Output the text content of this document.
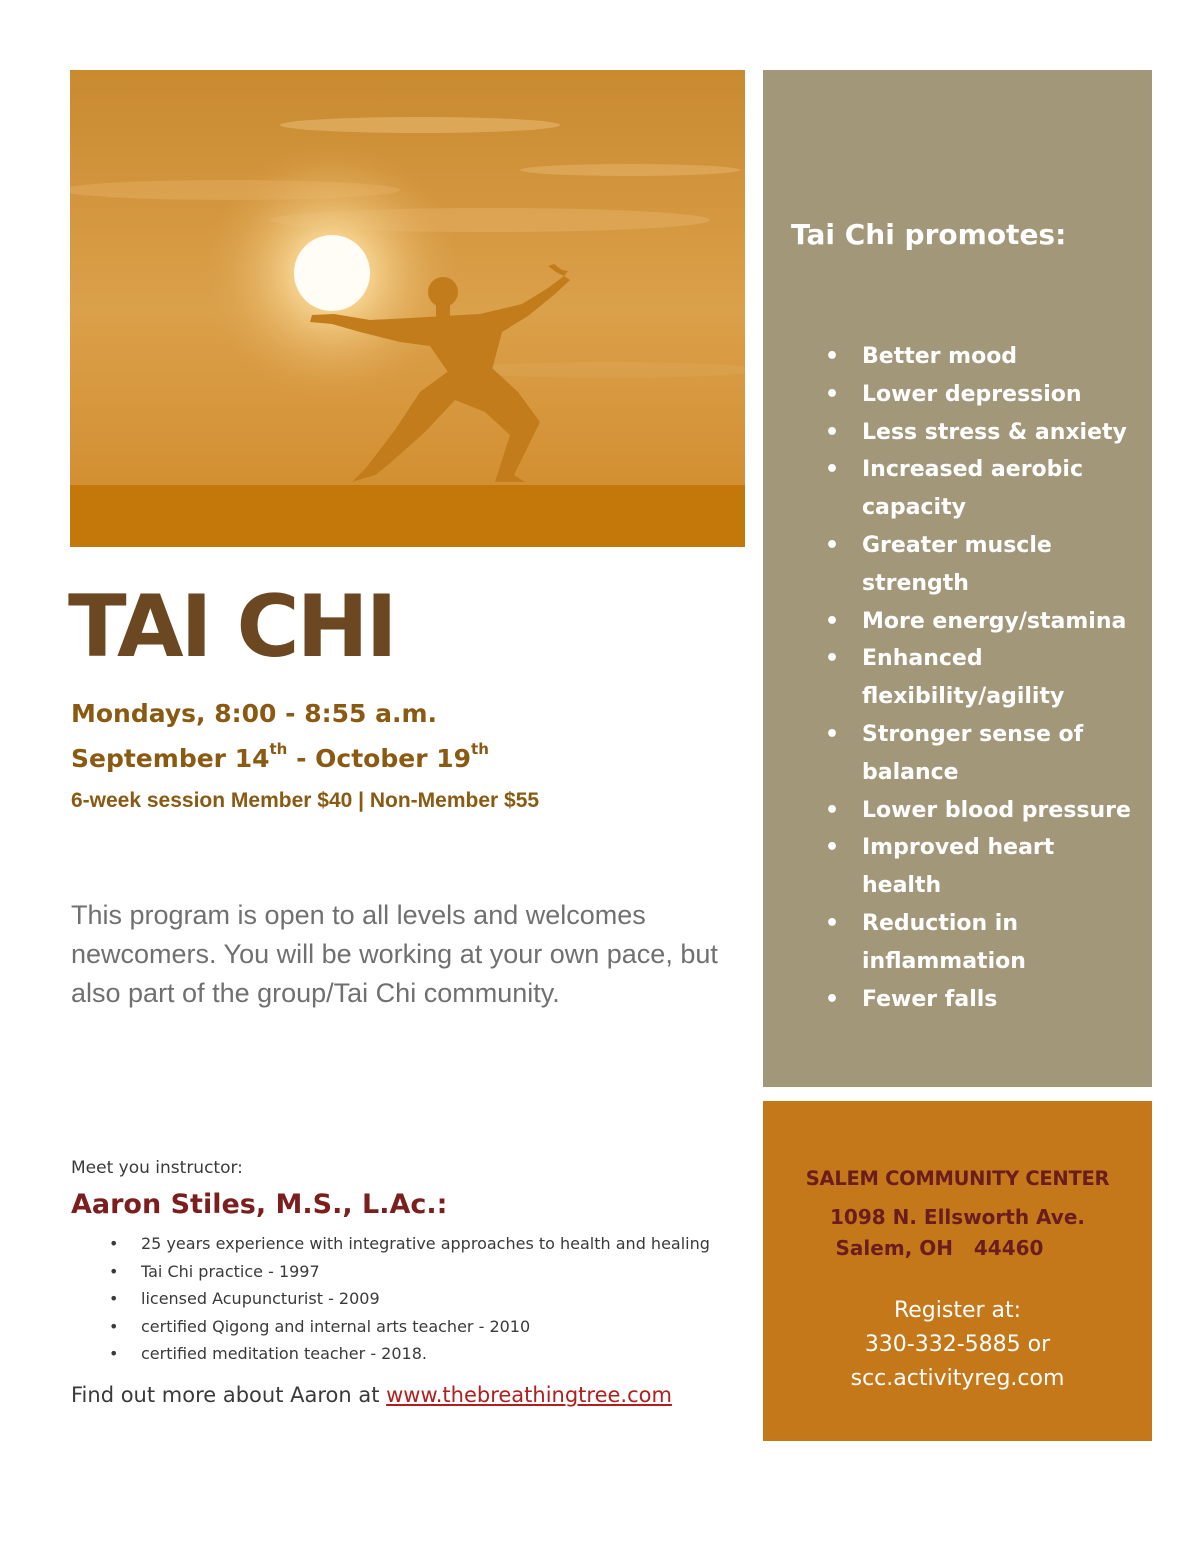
TAI CHI

Mondays, 8:00 - 8:55 a.m.

September 14th - October 19th

6-week session Member $40 | Non-Member $55

This program is open to all levels and welcomes newcomers. You will be working at your own pace, but also part of the group/Tai Chi community.

Meet you instructor:

Aaron Stiles, M.S., L.Ac.:

• 25 years experience with integrative approaches to health and healing
• Tai Chi practice - 1997
• licensed Acupuncturist - 2009
• certified Qigong and internal arts teacher - 2010
• certified meditation teacher - 2018.

Find out more about Aaron at www.thebreathingtree.com

Tai Chi promotes:

• Better mood
• Lower depression
• Less stress & anxiety
• Increased aerobic capacity
• Greater muscle strength
• More energy/stamina
• Enhanced flexibility/agility
• Stronger sense of balance
• Lower blood pressure
• Improved heart health
• Reduction in inflammation
• Fewer falls

SALEM COMMUNITY CENTER

1098 N. Ellsworth Ave.

Salem, OH   44460

Register at:

330-332-5885 or

scc.activityreg.com
